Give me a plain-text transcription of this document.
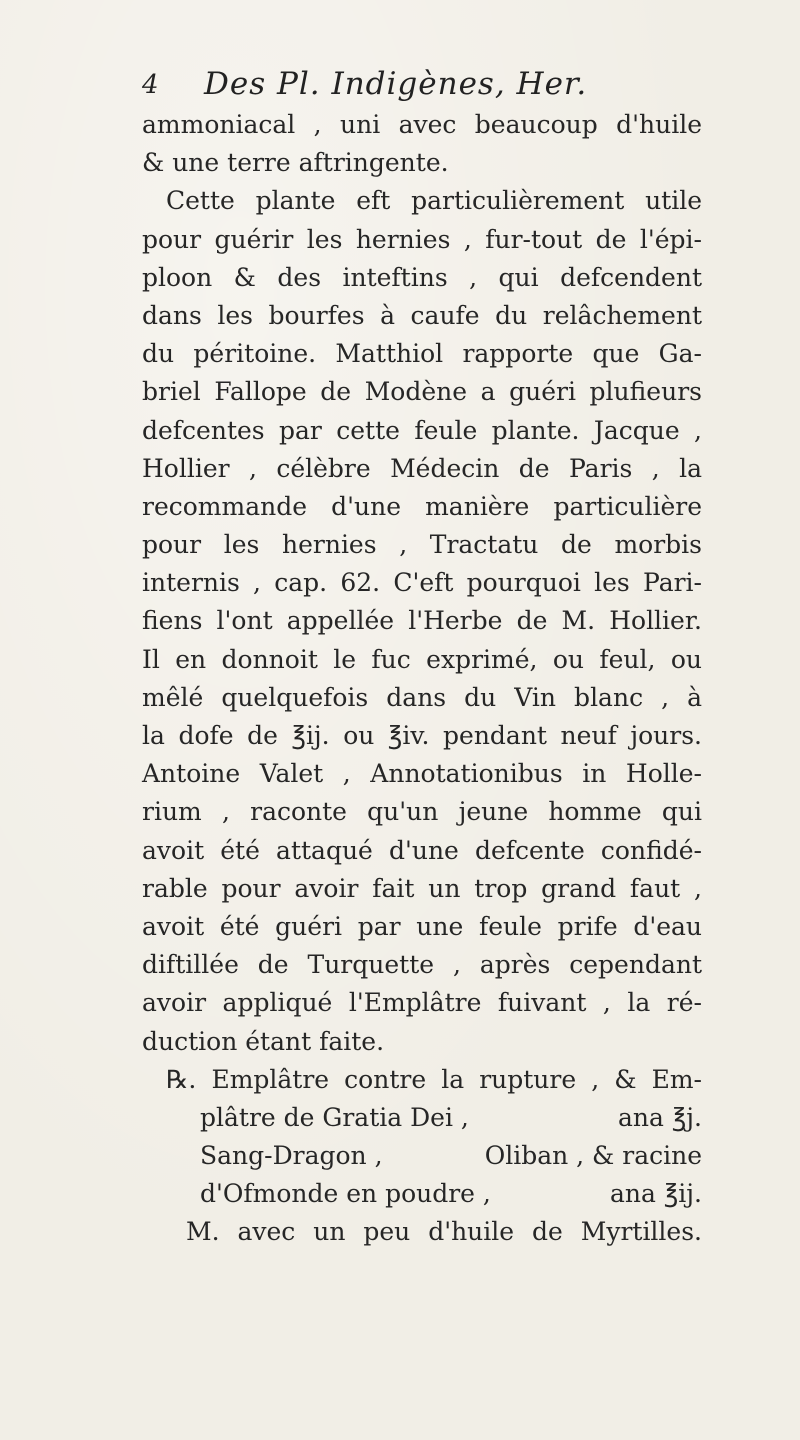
4 Des Pl. Indigènes, Her.
ammoniacal , uni avec beaucoup d'huile
& une terre aftringente.
Cette plante eft particulièrement utile
pour guérir les hernies , fur-tout de l'épi-
ploon & des inteftins , qui defcendent
dans les bourfes à caufe du relâchement
du péritoine. Matthiol rapporte que Ga-
briel Fallope de Modène a guéri plufieurs
defcentes par cette feule plante. Jacque ,
Hollier , célèbre Médecin de Paris , la
recommande d'une manière particulière
pour les hernies , Tractatu de morbis
internis , cap. 62. C'eft pourquoi les Pari-
fiens l'ont appellée l'Herbe de M. Hollier.
Il en donnoit le fuc exprimé, ou feul, ou
mêlé quelquefois dans du Vin blanc , à
la dofe de ℥ij. ou ℥iv. pendant neuf jours.
Antoine Valet , Annotationibus in Holle-
rium , raconte qu'un jeune homme qui
avoit été attaqué d'une defcente confidé-
rable pour avoir fait un trop grand faut ,
avoit été guéri par une feule prife d'eau
diftillée de Turquette , après cependant
avoir appliqué l'Emplâtre fuivant , la ré-
duction étant faite.
℞. Emplâtre contre la rupture , & Em-
plâtre de Gratia Dei ,	ana ℥j.
Sang-Dragon ,	Oliban , & racine
d'Ofmonde en poudre ,	ana ℥ij.
M. avec un peu d'huile de Myrtilles.
